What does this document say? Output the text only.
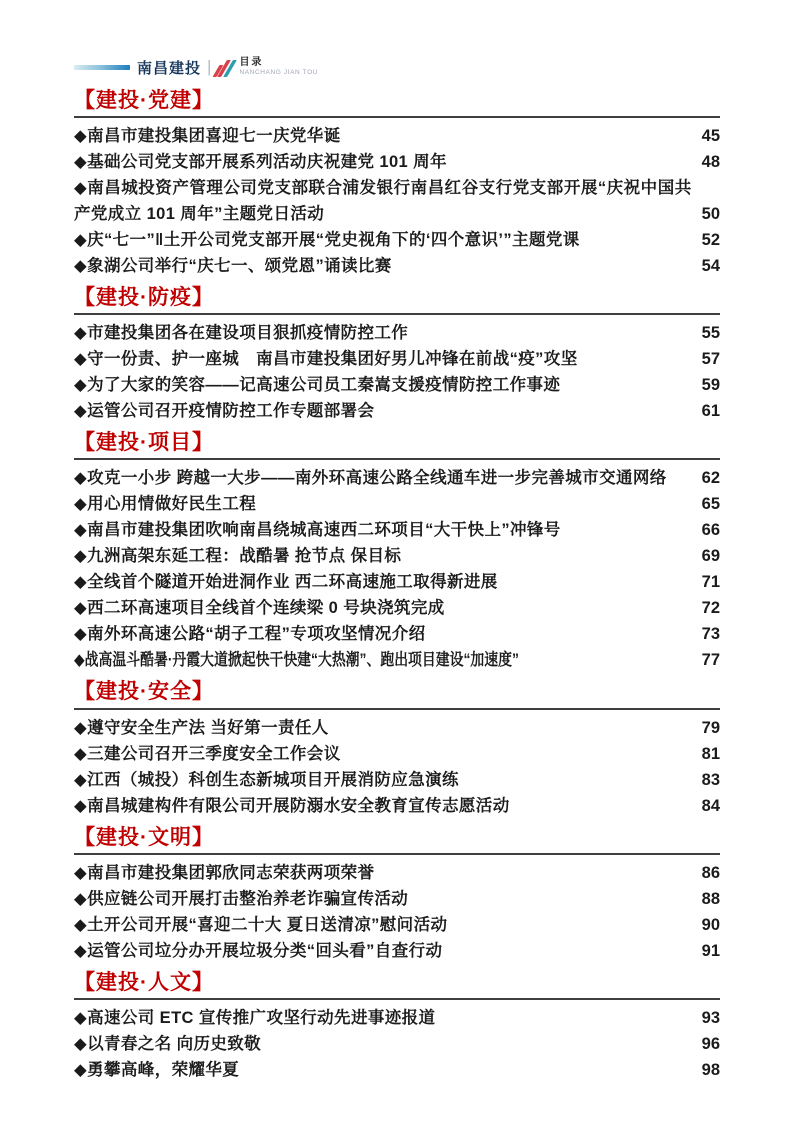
南昌建投 |	目录
NANCHANG JIAN TOU
【建投·党建】
◆南昌市建投集团喜迎七一庆党华诞	45
◆基础公司党支部开展系列活动庆祝建党 101 周年	48
◆南昌城投资产管理公司党支部联合浦发银行南昌红谷支行党支部开展“庆祝中国共产党成立 101 周年”主题党日活动	50
◆庆“七一”‖土开公司党支部开展“党史视角下的‘四个意识’”主题党课	52
◆象湖公司举行“庆七一、颂党恩”诵读比赛	54
【建投·防疫】
◆市建投集团各在建设项目狠抓疫情防控工作	55
◆守一份责、护一座城　南昌市建投集团好男儿冲锋在前战“疫”攻坚	57
◆为了大家的笑容——记高速公司员工秦嵩支援疫情防控工作事迹	59
◆运管公司召开疫情防控工作专题部署会	61
【建投·项目】
◆攻克一小步 跨越一大步——南外环高速公路全线通车进一步完善城市交通网络	62
◆用心用情做好民生工程	65
◆南昌市建投集团吹响南昌绕城高速西二环项目“大干快上”冲锋号	66
◆九洲高架东延工程：战酷暑 抢节点 保目标	69
◆全线首个隧道开始进洞作业 西二环高速施工取得新进展	71
◆西二环高速项目全线首个连续梁 0 号块浇筑完成	72
◆南外环高速公路“胡子工程”专项攻坚情况介绍	73
◆战高温斗酷暑·丹霞大道掀起快干快建“大热潮”、跑出项目建设“加速度”	77
【建投·安全】
◆遵守安全生产法 当好第一责任人	79
◆三建公司召开三季度安全工作会议	81
◆江西（城投）科创生态新城项目开展消防应急演练	83
◆南昌城建构件有限公司开展防溺水安全教育宣传志愿活动	84
【建投·文明】
◆南昌市建投集团郭欣同志荣获两项荣誉	86
◆供应链公司开展打击整治养老诈骗宣传活动	88
◆土开公司开展“喜迎二十大 夏日送清凉”慰问活动	90
◆运管公司垃分办开展垃圾分类“回头看”自查行动	91
【建投·人文】
◆高速公司 ETC 宣传推广攻坚行动先进事迹报道	93
◆以青春之名 向历史致敬	96
◆勇攀高峰，荣耀华夏	98
